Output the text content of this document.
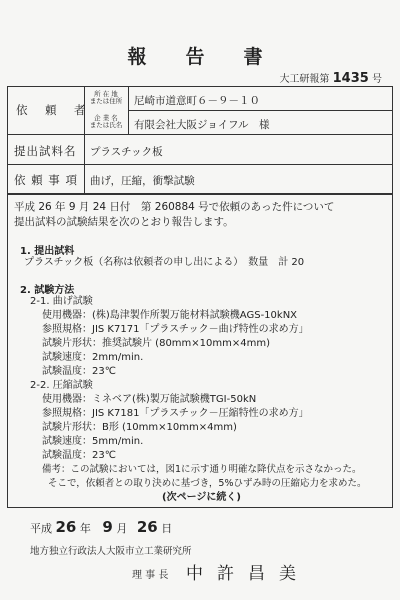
報　告　書
大工研報第 1435 号
依　頼　者
所 在 地
または住所	尼崎市道意町６－９－１０
企 業 名
または氏名	有限会社大阪ジョイフル　様
提出試料名 プラスチック板
依 頼 事 項 曲げ，圧縮，衝撃試験
平成 26 年 9 月 24 日付　第 260884 号で依頼のあった件について
提出試料の試験結果を次のとおり報告します。
1. 提出試料
プラスチック板（名称は依頼者の申し出による）　数量　計 20
2. 試験方法
2-1. 曲げ試験
使用機器：(株)島津製作所製万能材料試験機AGS-10kNX
参照規格：JIS K7171「プラスチック－曲げ特性の求め方」
試験片形状：推奨試験片 (80mm×10mm×4mm)
試験速度：2mm/min.
試験温度：23℃
2-2. 圧縮試験
使用機器：ミネベア(株)製万能試験機TGI-50kN
参照規格：JIS K7181「プラスチック－圧縮特性の求め方」
試験片形状：B形 (10mm×10mm×4mm)
試験速度：5mm/min.
試験温度：23℃
備考：この試験においては，図1に示す通り明確な降伏点を示さなかった。
そこで，依頼者との取り決めに基づき，5%ひずみ時の圧縮応力を求めた。
(次ページに続く)
平成 26 年 9 月 26 日
地方独立行政法人大阪市立工業研究所
理 事 長 中許昌美
